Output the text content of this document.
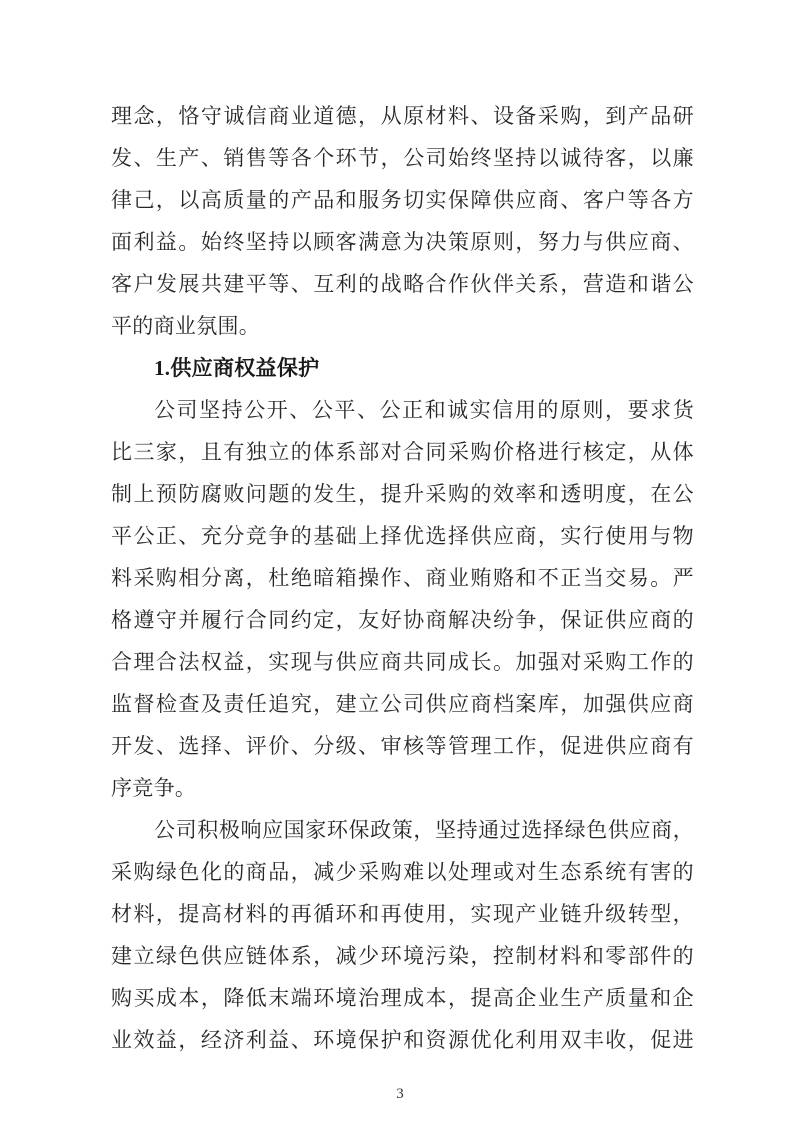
理念，恪守诚信商业道德，从原材料、设备采购，到产品研
发、生产、销售等各个环节，公司始终坚持以诚待客，以廉
律己，以高质量的产品和服务切实保障供应商、客户等各方
面利益。始终坚持以顾客满意为决策原则，努力与供应商、
客户发展共建平等、互利的战略合作伙伴关系，营造和谐公
平的商业氛围。
1.供应商权益保护
公司坚持公开、公平、公正和诚实信用的原则，要求货
比三家，且有独立的体系部对合同采购价格进行核定，从体
制上预防腐败问题的发生，提升采购的效率和透明度，在公
平公正、充分竞争的基础上择优选择供应商，实行使用与物
料采购相分离，杜绝暗箱操作、商业贿赂和不正当交易。严
格遵守并履行合同约定，友好协商解决纷争，保证供应商的
合理合法权益，实现与供应商共同成长。加强对采购工作的
监督检查及责任追究，建立公司供应商档案库，加强供应商
开发、选择、评价、分级、审核等管理工作，促进供应商有
序竞争。
公司积极响应国家环保政策，坚持通过选择绿色供应商，
采购绿色化的商品，减少采购难以处理或对生态系统有害的
材料，提高材料的再循环和再使用，实现产业链升级转型，
建立绿色供应链体系，减少环境污染，控制材料和零部件的
购买成本，降低末端环境治理成本，提高企业生产质量和企
业效益，经济利益、环境保护和资源优化利用双丰收，促进
3
